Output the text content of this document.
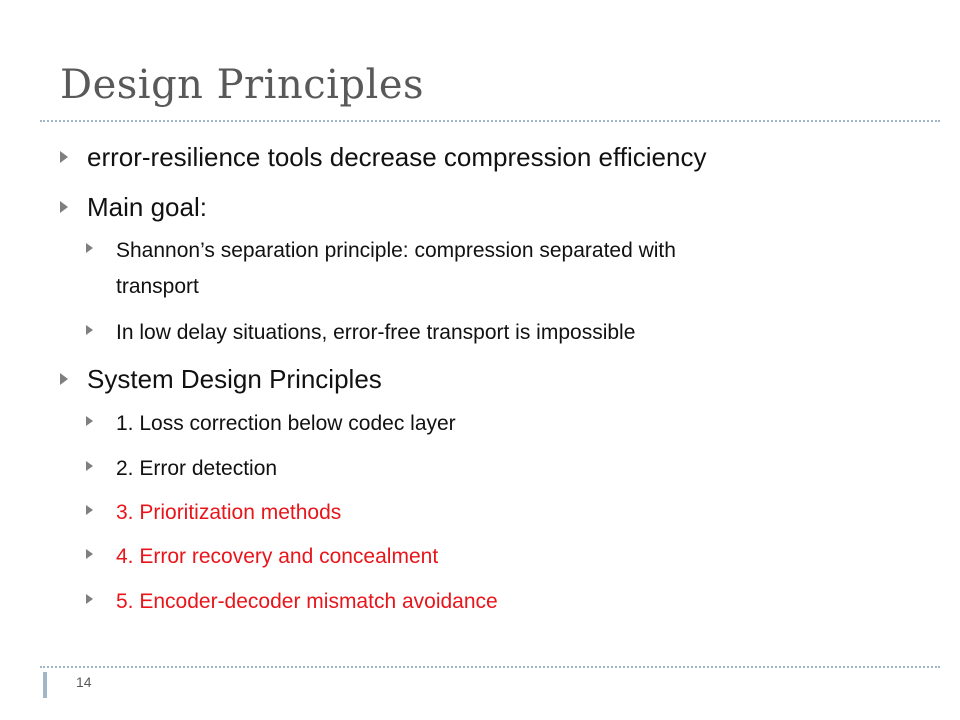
Design Principles
error-resilience tools decrease compression efficiency
Main goal:
Shannon’s separation principle: compression separated with
transport
In low delay situations, error-free transport is impossible
System Design Principles
1. Loss correction below codec layer
2. Error detection
3. Prioritization methods
4. Error recovery and concealment
5. Encoder-decoder mismatch avoidance
14
